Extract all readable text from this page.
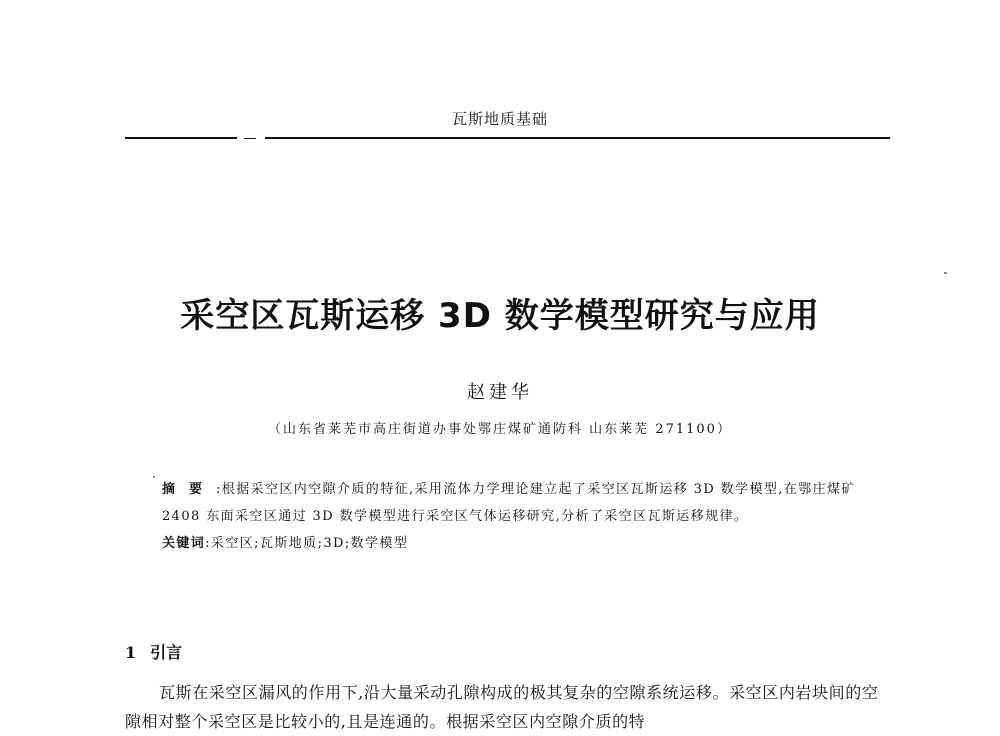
瓦斯地质基础
采空区瓦斯运移 3D 数学模型研究与应用
赵建华
（山东省莱芜市高庄街道办事处鄂庄煤矿通防科 山东莱芜 271100）
·

摘要:根据采空区内空隙介质的特征,采用流体力学理论建立起了采空区瓦斯运移 3D 数学模型,在鄂庄煤矿 2408 东面采空区通过 3D 数学模型进行采空区气体运移研究,分析了采空区瓦斯运移规律。

关键词:采空区;瓦斯地质;3D;数学模型

1 引言

瓦斯在采空区漏风的作用下,沿大量采动孔隙构成的极其复杂的空隙系统运移。采空区内岩块间的空隙相对整个采空区是比较小的,且是连通的。根据采空区内空隙介质的特
